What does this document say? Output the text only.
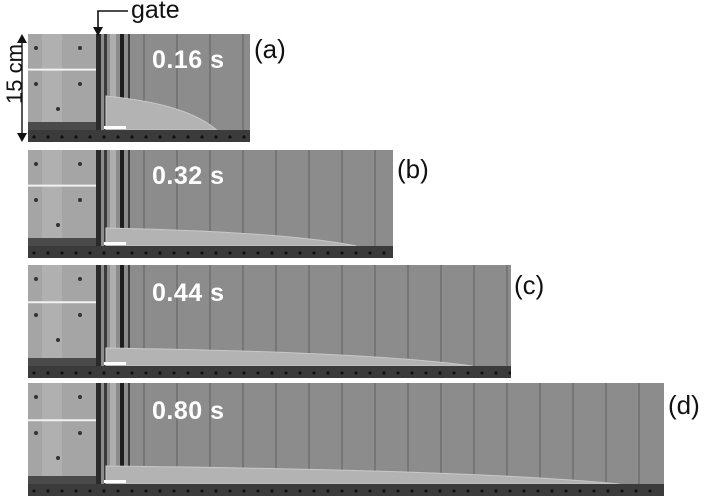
0.16 s (a)
0.32 s	(b)
0.44 s	(c)
0.80 s	(d)
gate
15 cm
